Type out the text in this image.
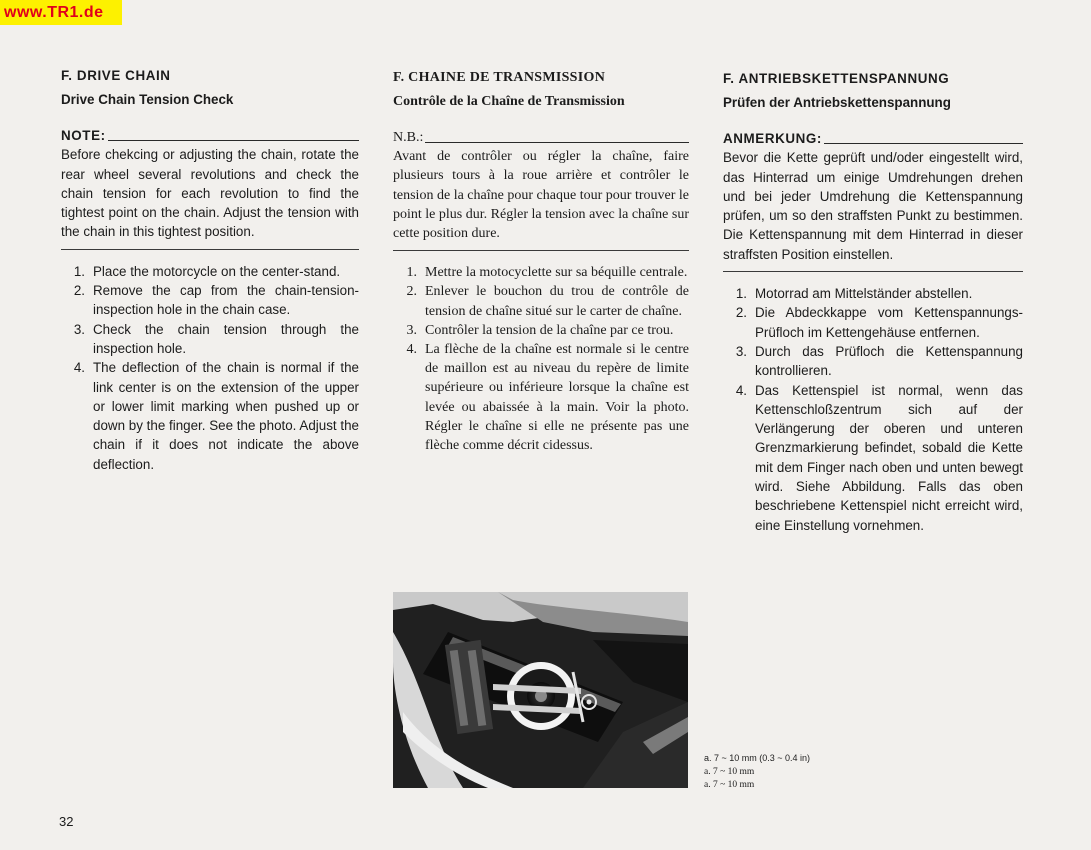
www.TR1.de
F. DRIVE CHAIN
Drive Chain Tension Check
NOTE:

Before chekcing or adjusting the chain, rotate the rear wheel several revolutions and check the chain tension for each revolution to find the tightest point on the chain. Adjust the tension with the chain in this tightest position.

1. Place the motorcycle on the center-stand.
2. Remove the cap from the chain-tension-inspection hole in the chain case.
3. Check the chain tension through the inspection hole.
4. The deflection of the chain is normal if the link center is on the extension of the upper or lower limit marking when pushed up or down by the finger. See the photo. Adjust the chain if it does not indicate the above deflection.
F. CHAINE DE TRANSMISSION
Contrôle de la Chaîne de Transmission
N.B.:

Avant de contrôler ou régler la chaîne, faire plusieurs tours à la roue arrière et contrôler le tension de la chaîne pour chaque tour pour trouver le point le plus dur. Régler la tension avec la chaîne sur cette position dure.

1. Mettre la motocyclette sur sa béquille centrale.
2. Enlever le bouchon du trou de contrôle de tension de chaîne situé sur le carter de chaîne.
3. Contrôler la tension de la chaîne par ce trou.
4. La flèche de la chaîne est normale si le centre de maillon est au niveau du repère de limite supérieure ou inférieure lorsque la chaîne est levée ou abaissée à la main. Voir la photo. Régler le chaîne si elle ne présente pas une flèche comme décrit cidessus.
F. ANTRIEBSKETTENSPANNUNG
Prüfen der Antriebskettenspannung
ANMERKUNG:

Bevor die Kette geprüft und/oder eingestellt wird, das Hinterrad um einige Umdrehungen drehen und bei jeder Umdrehung die Kettenspannung prüfen, um so den straffsten Punkt zu bestimmen. Die Kettenspannung mit dem Hinterrad in dieser straffsten Position einstellen.

1. Motorrad am Mittelständer abstellen.
2. Die Abdeckkappe vom Kettenspannungs-Prüfloch im Kettengehäuse entfernen.
3. Durch das Prüfloch die Kettenspannung kontrollieren.
4. Das Kettenspiel ist normal, wenn das Kettenschloßzentrum sich auf der Verlängerung der oberen und unteren Grenzmarkierung befindet, sobald die Kette mit dem Finger nach oben und unten bewegt wird. Siehe Abbildung. Falls das oben beschriebene Kettenspiel nicht erreicht wird, eine Einstellung vornehmen.
a. 7 ~ 10 mm (0.3 ~ 0.4 in)
a. 7 ~ 10 mm
a. 7 ~ 10 mm
32
